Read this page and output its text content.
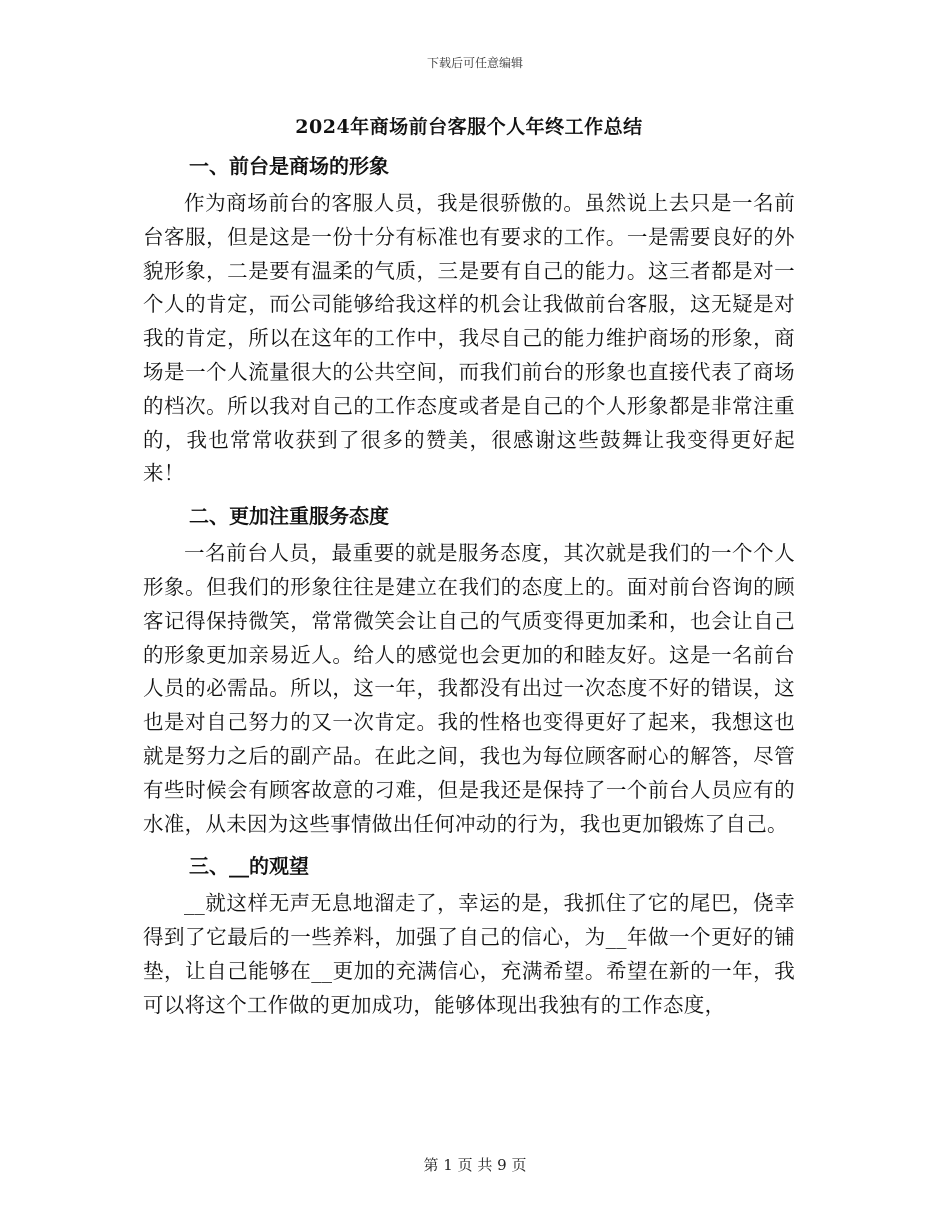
下载后可任意编辑
2024年商场前台客服个人年终工作总结
一、前台是商场的形象

作为商场前台的客服人员，我是很骄傲的。虽然说上去只是一名前台客服，但是这是一份十分有标准也有要求的工作。一是需要良好的外貌形象，二是要有温柔的气质，三是要有自己的能力。这三者都是对一个人的肯定，而公司能够给我这样的机会让我做前台客服，这无疑是对我的肯定，所以在这年的工作中，我尽自己的能力维护商场的形象，商场是一个人流量很大的公共空间，而我们前台的形象也直接代表了商场的档次。所以我对自己的工作态度或者是自己的个人形象都是非常注重的，我也常常收获到了很多的赞美，很感谢这些鼓舞让我变得更好起来！

二、更加注重服务态度

一名前台人员，最重要的就是服务态度，其次就是我们的一个个人形象。但我们的形象往往是建立在我们的态度上的。面对前台咨询的顾客记得保持微笑，常常微笑会让自己的气质变得更加柔和，也会让自己的形象更加亲易近人。给人的感觉也会更加的和睦友好。这是一名前台人员的必需品。所以，这一年，我都没有出过一次态度不好的错误，这也是对自己努力的又一次肯定。我的性格也变得更好了起来，我想这也就是努力之后的副产品。在此之间，我也为每位顾客耐心的解答，尽管有些时候会有顾客故意的刁难，但是我还是保持了一个前台人员应有的水准，从未因为这些事情做出任何冲动的行为，我也更加锻炼了自己。

三、__的观望

__就这样无声无息地溜走了，幸运的是，我抓住了它的尾巴，侥幸得到了它最后的一些养料，加强了自己的信心，为__年做一个更好的铺垫，让自己能够在__更加的充满信心，充满希望。希望在新的一年，我可以将这个工作做的更加成功，能够体现出我独有的工作态度，

第 1 页 共 9 页
